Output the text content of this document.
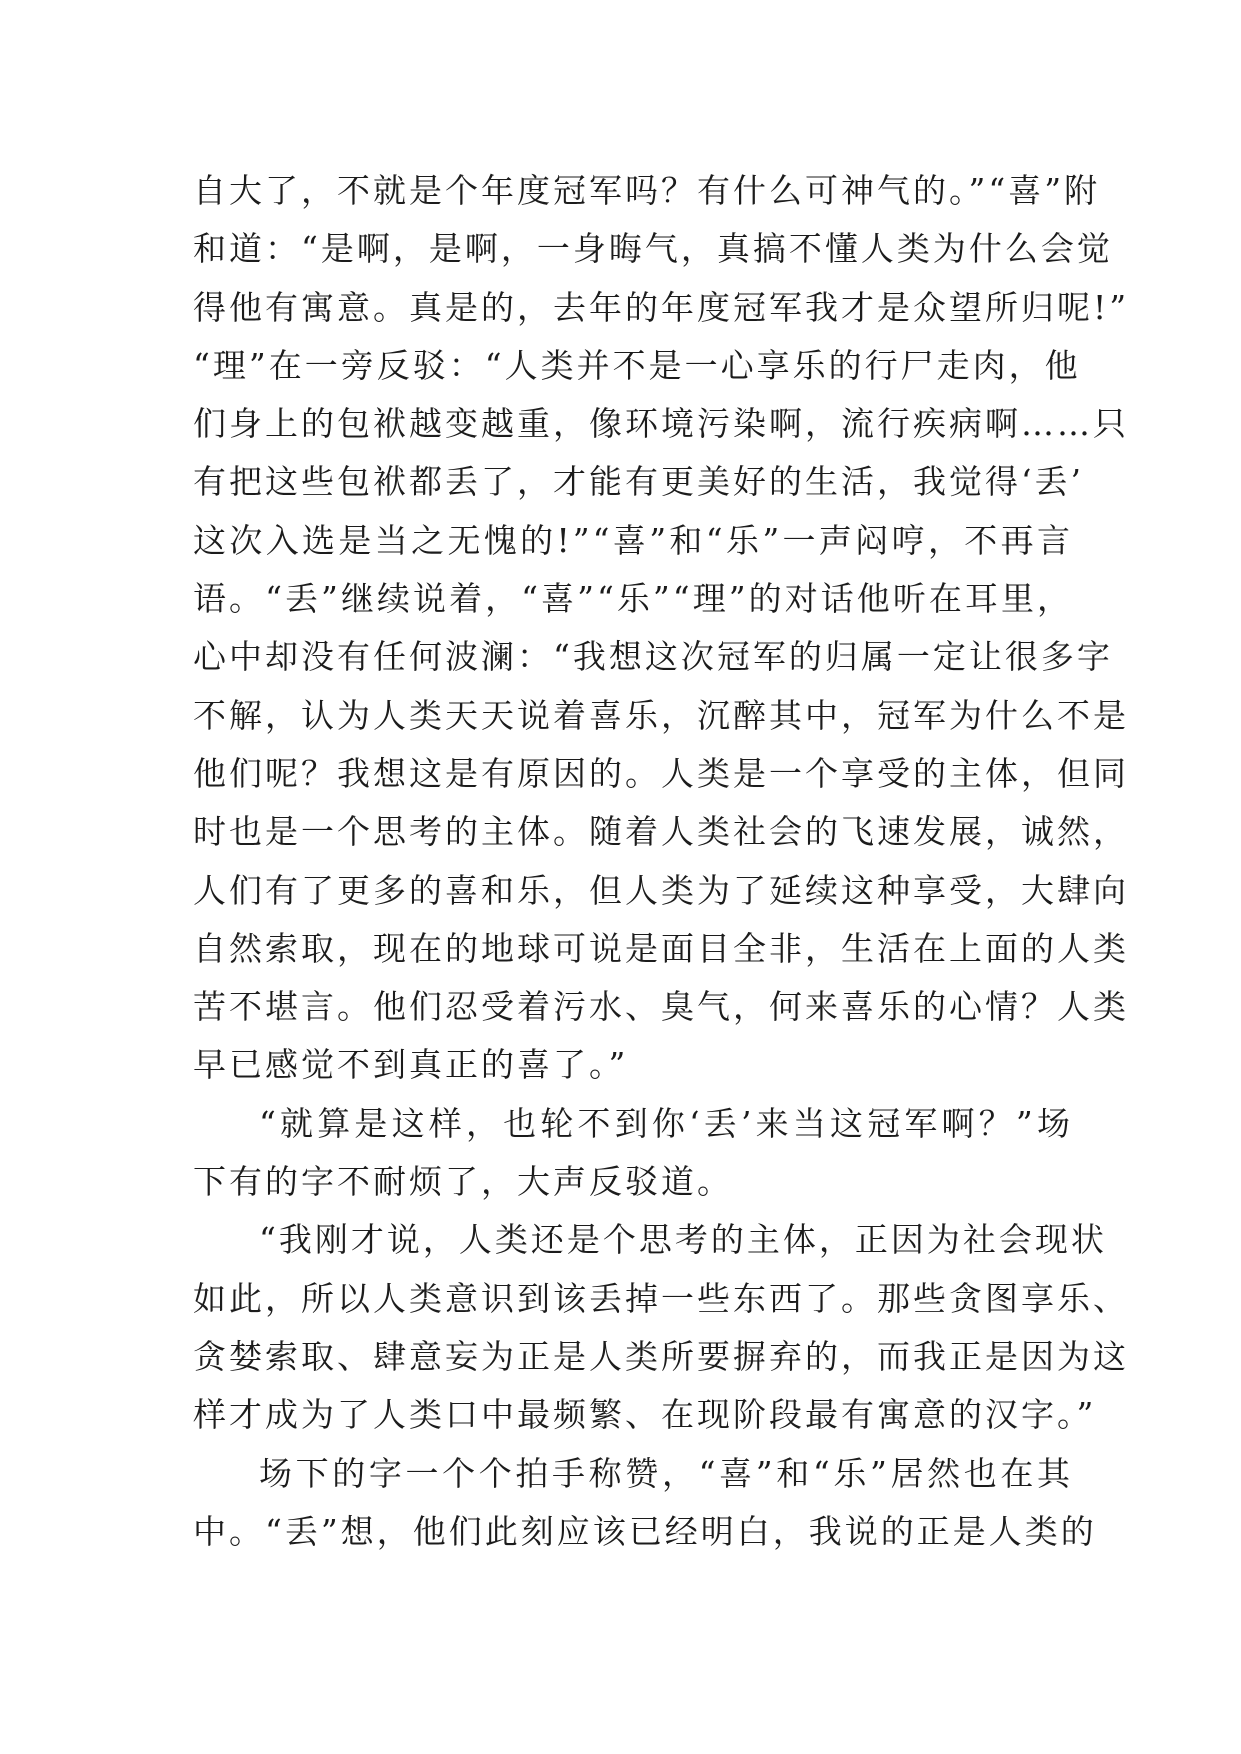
自大了，不就是个年度冠军吗？有什么可神气的。”“喜”附
和道：“是啊，是啊，一身晦气，真搞不懂人类为什么会觉
得他有寓意。真是的，去年的年度冠军我才是众望所归呢!”
“理”在一旁反驳：“人类并不是一心享乐的行尸走肉，他
们身上的包袱越变越重，像环境污染啊，流行疾病啊……只
有把这些包袱都丢了，才能有更美好的生活，我觉得‘丢’
这次入选是当之无愧的!”“喜”和“乐”一声闷哼，不再言
语。“丢”继续说着，“喜”“乐”“理”的对话他听在耳里，
心中却没有任何波澜：“我想这次冠军的归属一定让很多字
不解，认为人类天天说着喜乐，沉醉其中，冠军为什么不是
他们呢？我想这是有原因的。人类是一个享受的主体，但同
时也是一个思考的主体。随着人类社会的飞速发展，诚然，
人们有了更多的喜和乐，但人类为了延续这种享受，大肆向
自然索取，现在的地球可说是面目全非，生活在上面的人类
苦不堪言。他们忍受着污水、臭气，何来喜乐的心情？人类
早已感觉不到真正的喜了。”
“就算是这样，也轮不到你‘丢’来当这冠军啊？”场
下有的字不耐烦了，大声反驳道。
“我刚才说，人类还是个思考的主体，正因为社会现状
如此，所以人类意识到该丢掉一些东西了。那些贪图享乐、
贪婪索取、肆意妄为正是人类所要摒弃的，而我正是因为这
样才成为了人类口中最频繁、在现阶段最有寓意的汉字。”
场下的字一个个拍手称赞，“喜”和“乐”居然也在其
中。“丢”想，他们此刻应该已经明白，我说的正是人类的
